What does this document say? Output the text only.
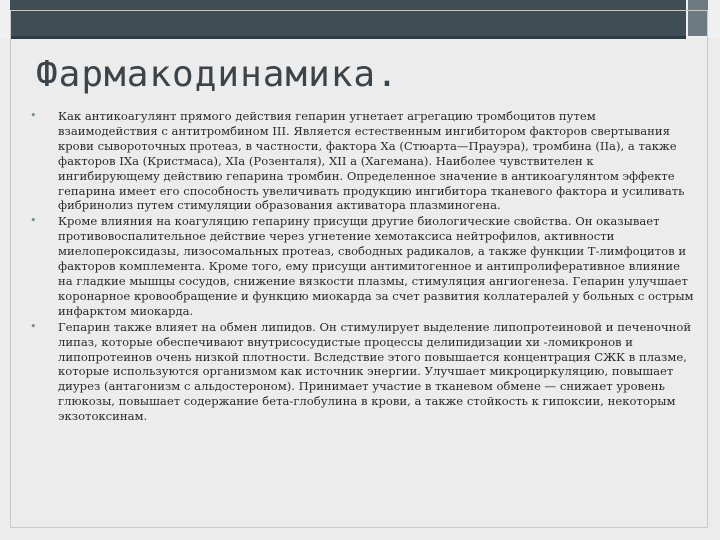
Фармакодинамика.
• Как антикоагулянт прямого действия гепарин угнетает агрегацию тромбоцитов путем взаимодействия с антитромбином III. Является естественным ингибитором факторов свертывания крови сывороточных протеаз, в частности, фактора Xa (Стюарта—Прауэра), тромбина (IIa), а также факторов IXa (Кристмаса), XIa (Розенталя), XII a (Хагемана). Наиболее чувствителен к ингибирующему действию гепарина тромбин. Определенное значение в антикоагулянтом эффекте гепарина имеет его способность увеличивать продукцию ингибитора тканевого фактора и усиливать фибринолиз путем стимуляции образования активатора плазминогена.
• Кроме влияния на коагуляцию гепарину присущи другие биологические свойства. Он оказывает противовоспалительное действие через угнетение хемотаксиса нейтрофилов, активности миелопероксидазы, лизосомальных протеаз, свободных радикалов, а также функции Т-лимфоцитов и факторов комплемента. Кроме того, ему присущи антимитогенное и антипролиферативное влияние на гладкие мышцы сосудов, снижение вязкости плазмы, стимуляция ангиогенеза. Гепарин улучшает коронарное кровообращение и функцию миокарда за счет развития коллатералей у больных с острым инфарктом миокарда.
• Гепарин также влияет на обмен липидов. Он стимулирует выделение липопротеиновой и печеночной липаз, которые обеспечивают внутрисосудистые процессы делипидизации хи -ломикронов и липопротеинов очень низкой плотности. Вследствие этого повышается концентрация СЖК в плазме, которые используются организмом как источник энергии. Улучшает микроциркуляцию, повышает диурез (антагонизм с альдостероном). Принимает участие в тканевом обмене — снижает уровень глюкозы, повышает содержание бета-глобулина в крови, а также стойкость к гипоксии, некоторым экзотоксинам.
